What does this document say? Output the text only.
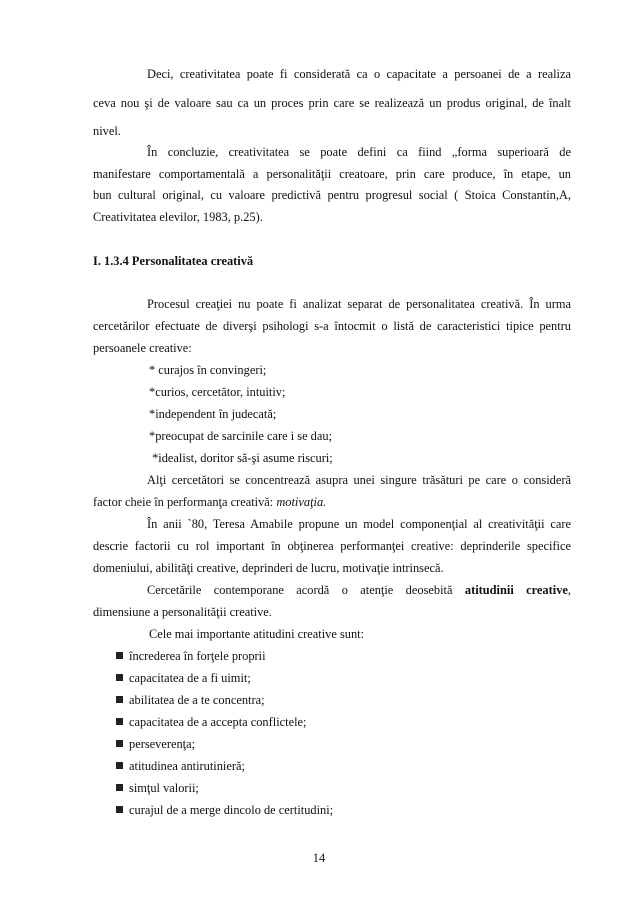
Deci, creativitatea poate fi considerată ca o capacitate a persoanei de a realiza
ceva nou şi de valoare sau ca un proces prin care se realizează un produs original, de înalt
nivel.
În concluzie, creativitatea se poate defini ca fiind „forma superioară de
manifestare comportamentală a personalităţii creatoare, prin care produce, în etape, un
bun cultural original, cu valoare predictivă pentru progresul social ( Stoica Constantin,A,
Creativitatea elevilor, 1983, p.25).
I. 1.3.4 Personalitatea creativă
Procesul creaţiei nu poate fi analizat separat de personalitatea creativă. În urma
cercetărilor efectuate de diverşi psihologi s-a întocmit o listă de caracteristici tipice pentru
persoanele creative:
* curajos în convingeri;
*curios, cercetător, intuitiv;
*independent în judecată;
*preocupat de sarcinile care i se dau;
*idealist, doritor să-şi asume riscuri;
Alţi cercetători se concentrează asupra unei singure trăsături pe care o consideră
factor cheie în performanţa creativă: motivaţia.
În anii `80, Teresa Amabile propune un model componenţial al creativităţii care
descrie factorii cu rol important în obţinerea performanţei creative: deprinderile specifice
domeniului, abilităţi creative, deprinderi de lucru, motivaţie intrinsecă.
Cercetările contemporane acordă o atenţie deosebită atitudinii creative,
dimensiune a personalităţii creative.
Cele mai importante atitudini creative sunt:
încrederea în forţele proprii
capacitatea de a fi uimit;
abilitatea de a te concentra;
capacitatea de a accepta conflictele;
perseverenţa;
atitudinea antirutinieră;
simţul valorii;
curajul de a merge dincolo de certitudini;
14
